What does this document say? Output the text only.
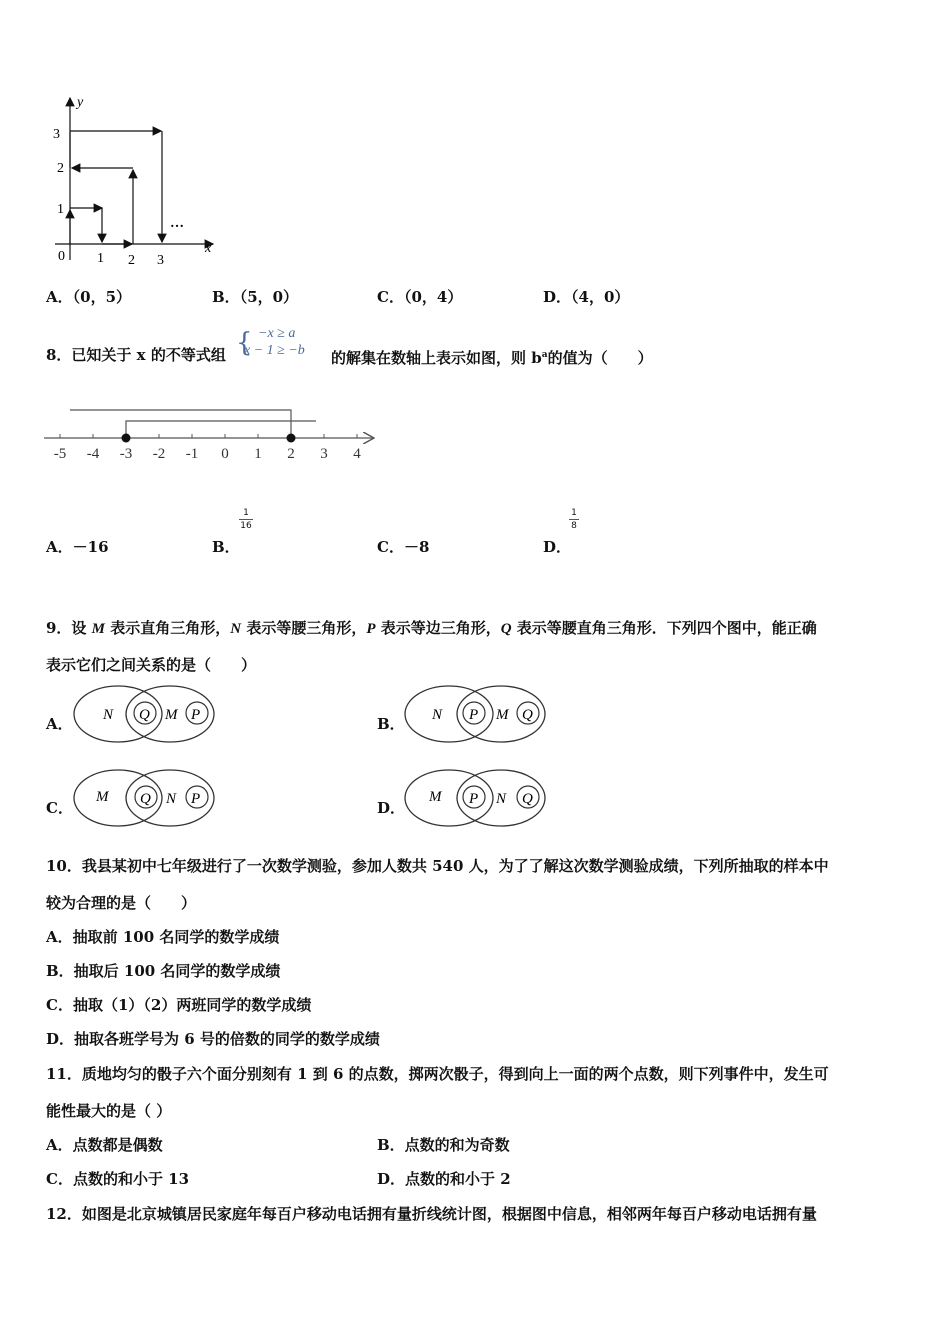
y
x
3
2
1
0 1 2 3
…
A．（0，5）	B．（5，0）	C．（0，4）	D．（4，0）
8．已知关于 x 的不等式组 { −x ≥ a
x − 1 ≥ −b 的解集在数轴上表示如图，则 $b^a$的值为（　　）
-5 -4 -3 -2 -1 0 1 2 3 4
A．－16	B．
1
16
C．－8	D．
1
8
9．设 M 表示直角三角形，N 表示等腰三角形，P 表示等边三角形，Q 表示等腰直角三角形．下列四个图中，能正确
表示它们之间关系的是（　　）
A． N Q M P	B． N P M Q
C．
M Q N P	D．
M P N Q
10．我县某初中七年级进行了一次数学测验，参加人数共 540 人，为了了解这次数学测验成绩，下列所抽取的样本中
较为合理的是（　　）
A．抽取前 100 名同学的数学成绩
B．抽取后 100 名同学的数学成绩
C．抽取（1）（2）两班同学的数学成绩
D．抽取各班学号为 6 号的倍数的同学的数学成绩
11．质地均匀的骰子六个面分别刻有 1 到 6 的点数，掷两次骰子，得到向上一面的两个点数，则下列事件中，发生可
能性最大的是（ ）
A．点数都是偶数	B．点数的和为奇数
C．点数的和小于 13	D．点数的和小于 2
12．如图是北京城镇居民家庭年每百户移动电话拥有量折线统计图，根据图中信息，相邻两年每百户移动电话拥有量
